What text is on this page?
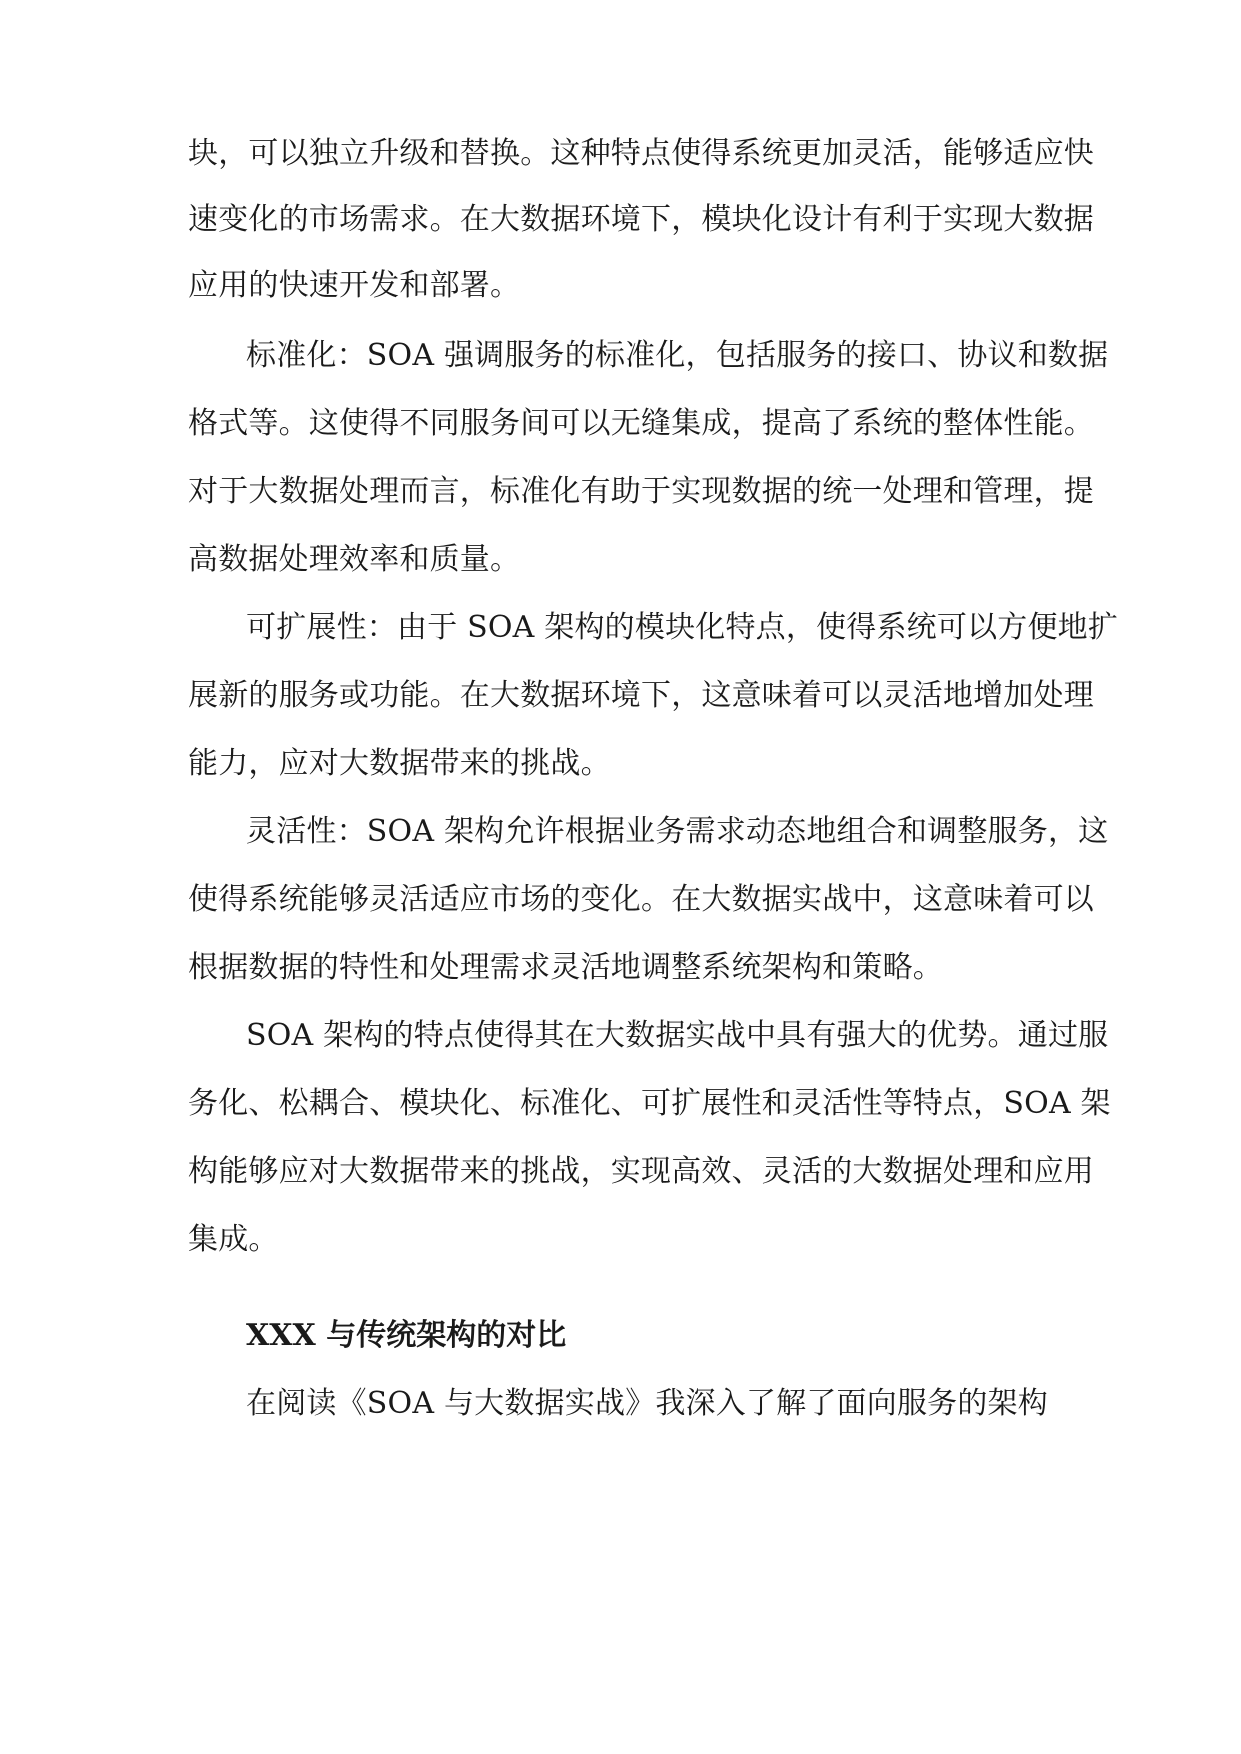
块，可以独立升级和替换。这种特点使得系统更加灵活，能够适应快
速变化的市场需求。在大数据环境下，模块化设计有利于实现大数据
应用的快速开发和部署。
标准化：SOA 强调服务的标准化，包括服务的接口、协议和数据
格式等。这使得不同服务间可以无缝集成，提高了系统的整体性能。
对于大数据处理而言，标准化有助于实现数据的统一处理和管理，提
高数据处理效率和质量。
可扩展性：由于 SOA 架构的模块化特点，使得系统可以方便地扩
展新的服务或功能。在大数据环境下，这意味着可以灵活地增加处理
能力，应对大数据带来的挑战。
灵活性：SOA 架构允许根据业务需求动态地组合和调整服务，这
使得系统能够灵活适应市场的变化。在大数据实战中，这意味着可以
根据数据的特性和处理需求灵活地调整系统架构和策略。
SOA 架构的特点使得其在大数据实战中具有强大的优势。通过服
务化、松耦合、模块化、标准化、可扩展性和灵活性等特点，SOA 架
构能够应对大数据带来的挑战，实现高效、灵活的大数据处理和应用
集成。
XXX 与传统架构的对比
在阅读《SOA 与大数据实战》我深入了解了面向服务的架构
